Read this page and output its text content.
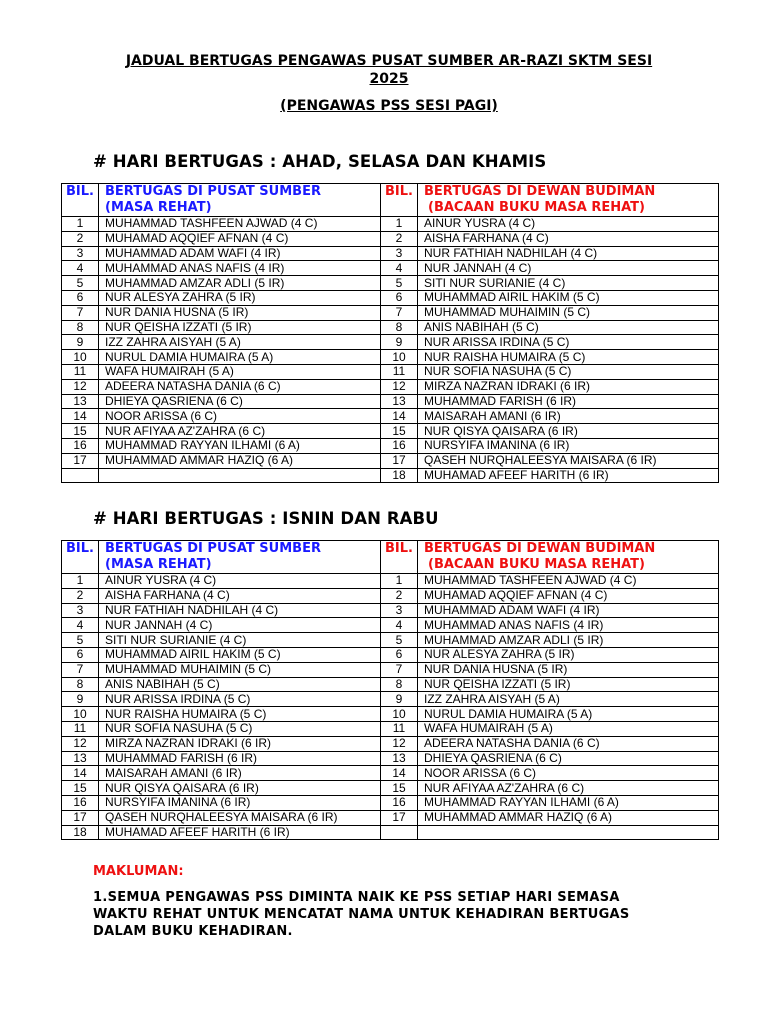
JADUAL BERTUGAS PENGAWAS PUSAT SUMBER AR-RAZI SKTM SESI
2025
(PENGAWAS PSS SESI PAGI)
# HARI BERTUGAS : AHAD, SELASA DAN KHAMIS
BIL.	BERTUGAS DI PUSAT SUMBER
(MASA REHAT)	BIL.	BERTUGAS DI DEWAN BUDIMAN
(BACAAN BUKU MASA REHAT)
1	MUHAMMAD TASHFEEN AJWAD (4 C)	1	AINUR YUSRA (4 C)
2	MUHAMAD AQQIEF AFNAN (4 C)	2	AISHA FARHANA (4 C)
3	MUHAMMAD ADAM WAFI (4 IR)	3	NUR FATHIAH NADHILAH (4 C)
4	MUHAMMAD ANAS NAFIS (4 IR)	4	NUR JANNAH (4 C)
5	MUHAMMAD AMZAR ADLI (5 IR)	5	SITI NUR SURIANIE (4 C)
6	NUR ALESYA ZAHRA (5 IR)	6	MUHAMMAD AIRIL HAKIM (5 C)
7	NUR DANIA HUSNA (5 IR)	7	MUHAMMAD MUHAIMIN (5 C)
8	NUR QEISHA IZZATI (5 IR)	8	ANIS NABIHAH (5 C)
9	IZZ ZAHRA AISYAH (5 A)	9	NUR ARISSA IRDINA (5 C)
10	NURUL DAMIA HUMAIRA (5 A)	10	NUR RAISHA HUMAIRA (5 C)
11	WAFA HUMAIRAH (5 A)	11	NUR SOFIA NASUHA (5 C)
12	ADEERA NATASHA DANIA (6 C)	12	MIRZA NAZRAN IDRAKI (6 IR)
13	DHIEYA QASRIENA (6 C)	13	MUHAMMAD FARISH (6 IR)
14	NOOR ARISSA (6 C)	14	MAISARAH AMANI (6 IR)
15	NUR AFIYAA AZ'ZAHRA (6 C)	15	NUR QISYA QAISARA (6 IR)
16	MUHAMMAD RAYYAN ILHAMI (6 A)	16	NURSYIFA IMANINA (6 IR)
17	MUHAMMAD AMMAR HAZIQ (6 A)	17	QASEH NURQHALEESYA MAISARA (6 IR)
		18	MUHAMAD AFEEF HARITH (6 IR)
# HARI BERTUGAS : ISNIN DAN RABU
BIL.	BERTUGAS DI PUSAT SUMBER
(MASA REHAT)	BIL.	BERTUGAS DI DEWAN BUDIMAN
(BACAAN BUKU MASA REHAT)
1	AINUR YUSRA (4 C)	1	MUHAMMAD TASHFEEN AJWAD (4 C)
2	AISHA FARHANA (4 C)	2	MUHAMAD AQQIEF AFNAN (4 C)
3	NUR FATHIAH NADHILAH (4 C)	3	MUHAMMAD ADAM WAFI (4 IR)
4	NUR JANNAH (4 C)	4	MUHAMMAD ANAS NAFIS (4 IR)
5	SITI NUR SURIANIE (4 C)	5	MUHAMMAD AMZAR ADLI (5 IR)
6	MUHAMMAD AIRIL HAKIM (5 C)	6	NUR ALESYA ZAHRA (5 IR)
7	MUHAMMAD MUHAIMIN (5 C)	7	NUR DANIA HUSNA (5 IR)
8	ANIS NABIHAH (5 C)	8	NUR QEISHA IZZATI (5 IR)
9	NUR ARISSA IRDINA (5 C)	9	IZZ ZAHRA AISYAH (5 A)
10	NUR RAISHA HUMAIRA (5 C)	10	NURUL DAMIA HUMAIRA (5 A)
11	NUR SOFIA NASUHA (5 C)	11	WAFA HUMAIRAH (5 A)
12	MIRZA NAZRAN IDRAKI (6 IR)	12	ADEERA NATASHA DANIA (6 C)
13	MUHAMMAD FARISH (6 IR)	13	DHIEYA QASRIENA (6 C)
14	MAISARAH AMANI (6 IR)	14	NOOR ARISSA (6 C)
15	NUR QISYA QAISARA (6 IR)	15	NUR AFIYAA AZ'ZAHRA (6 C)
16	NURSYIFA IMANINA (6 IR)	16	MUHAMMAD RAYYAN ILHAMI (6 A)
17	QASEH NURQHALEESYA MAISARA (6 IR)	17	MUHAMMAD AMMAR HAZIQ (6 A)
18	MUHAMAD AFEEF HARITH (6 IR)		
MAKLUMAN:
1.SEMUA PENGAWAS PSS DIMINTA NAIK KE PSS SETIAP HARI SEMASA WAKTU REHAT UNTUK MENCATAT NAMA UNTUK KEHADIRAN BERTUGAS DALAM BUKU KEHADIRAN.
